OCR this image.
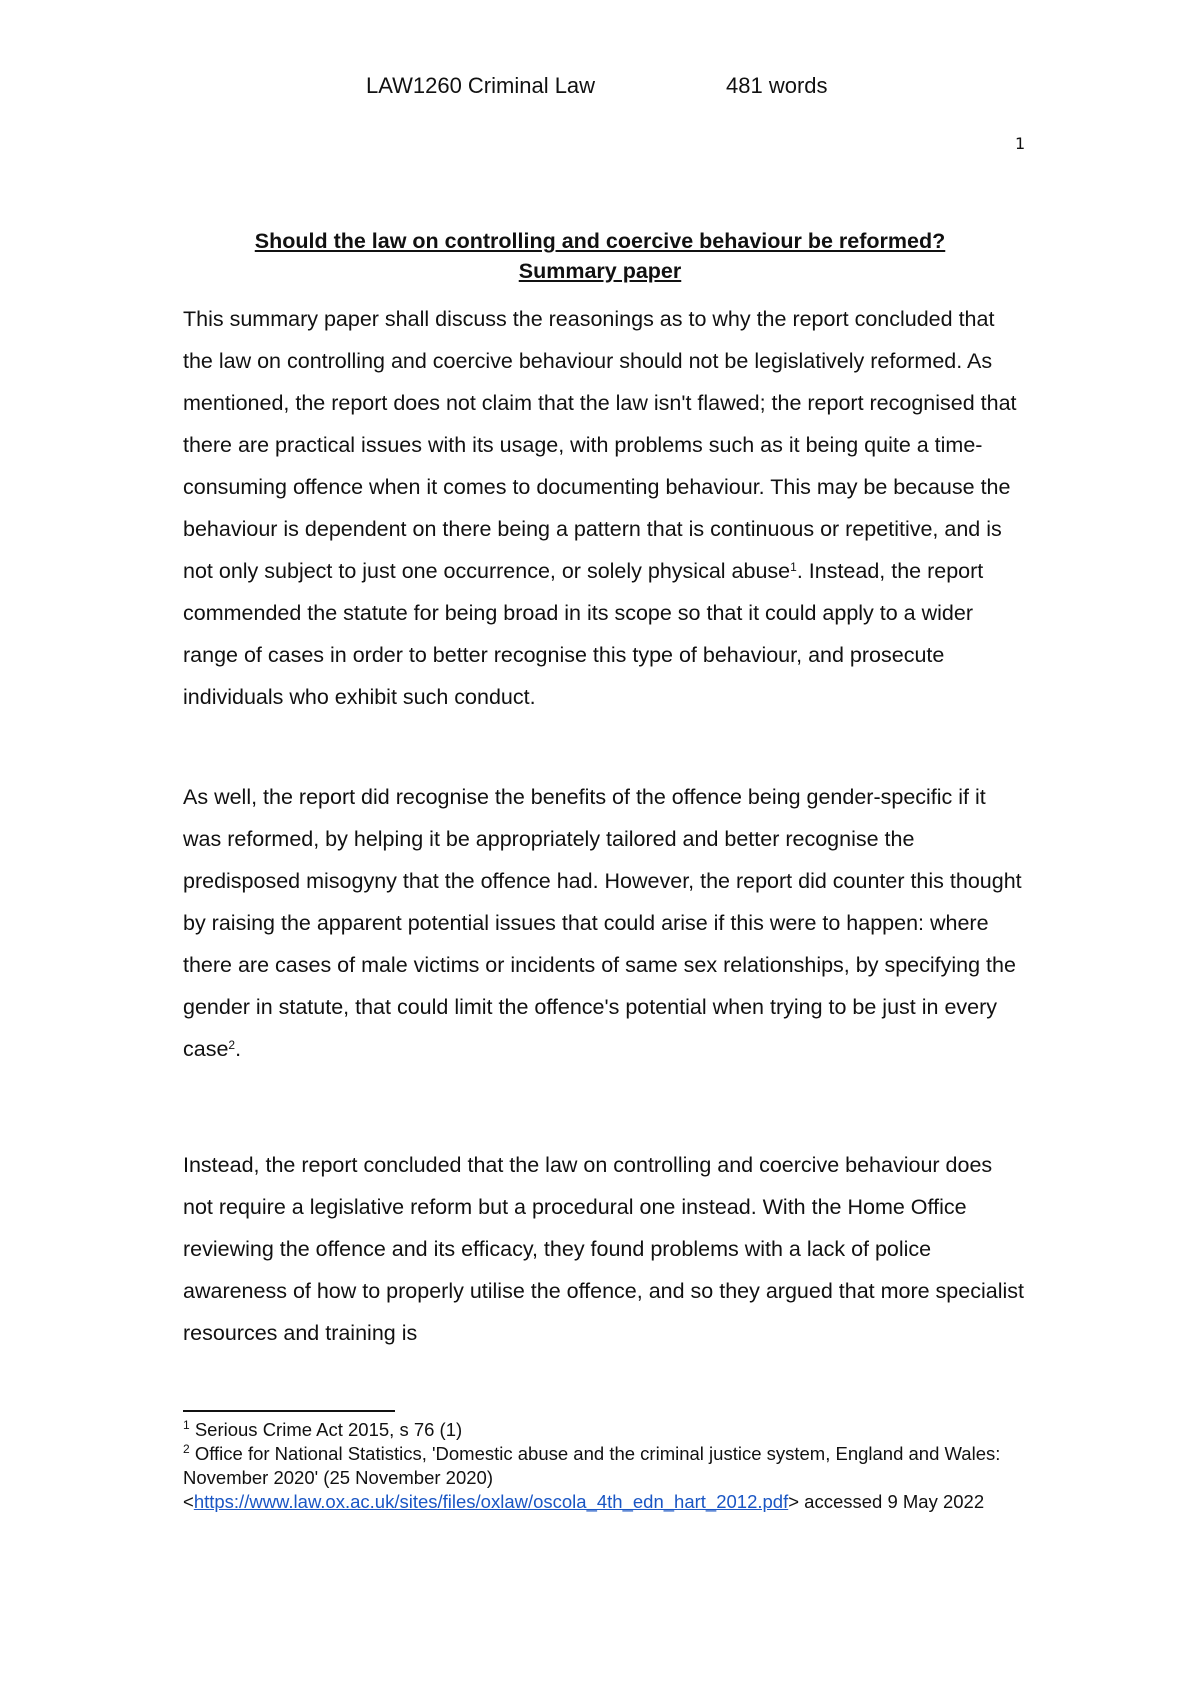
LAW1260 Criminal Law	481 words
1
Should the law on controlling and coercive behaviour be reformed?
Summary paper

This summary paper shall discuss the reasonings as to why the report concluded that the law on controlling and coercive behaviour should not be legislatively reformed. As mentioned, the report does not claim that the law isn't flawed; the report recognised that there are practical issues with its usage, with problems such as it being quite a time-consuming offence when it comes to documenting behaviour. This may be because the behaviour is dependent on there being a pattern that is continuous or repetitive, and is not only subject to just one occurrence, or solely physical abuse$^1$. Instead, the report commended the statute for being broad in its scope so that it could apply to a wider range of cases in order to better recognise this type of behaviour, and prosecute individuals who exhibit such conduct.

As well, the report did recognise the benefits of the offence being gender-specific if it was reformed, by helping it be appropriately tailored and better recognise the predisposed misogyny that the offence had. However, the report did counter this thought by raising the apparent potential issues that could arise if this were to happen: where there are cases of male victims or incidents of same sex relationships, by specifying the gender in statute, that could limit the offence's potential when trying to be just in every case$^2$.

Instead, the report concluded that the law on controlling and coercive behaviour does not require a legislative reform but a procedural one instead. With the Home Office reviewing the offence and its efficacy, they found problems with a lack of police awareness of how to properly utilise the offence, and so they argued that more specialist resources and training is

$^1$ Serious Crime Act 2015, s 76 (1)

$^2$ Office for National Statistics, 'Domestic abuse and the criminal justice system, England and Wales: November 2020' (25 November 2020) <https://www.law.ox.ac.uk/sites/files/oxlaw/oscola_4th_edn_hart_2012.pdf> accessed 9 May 2022
